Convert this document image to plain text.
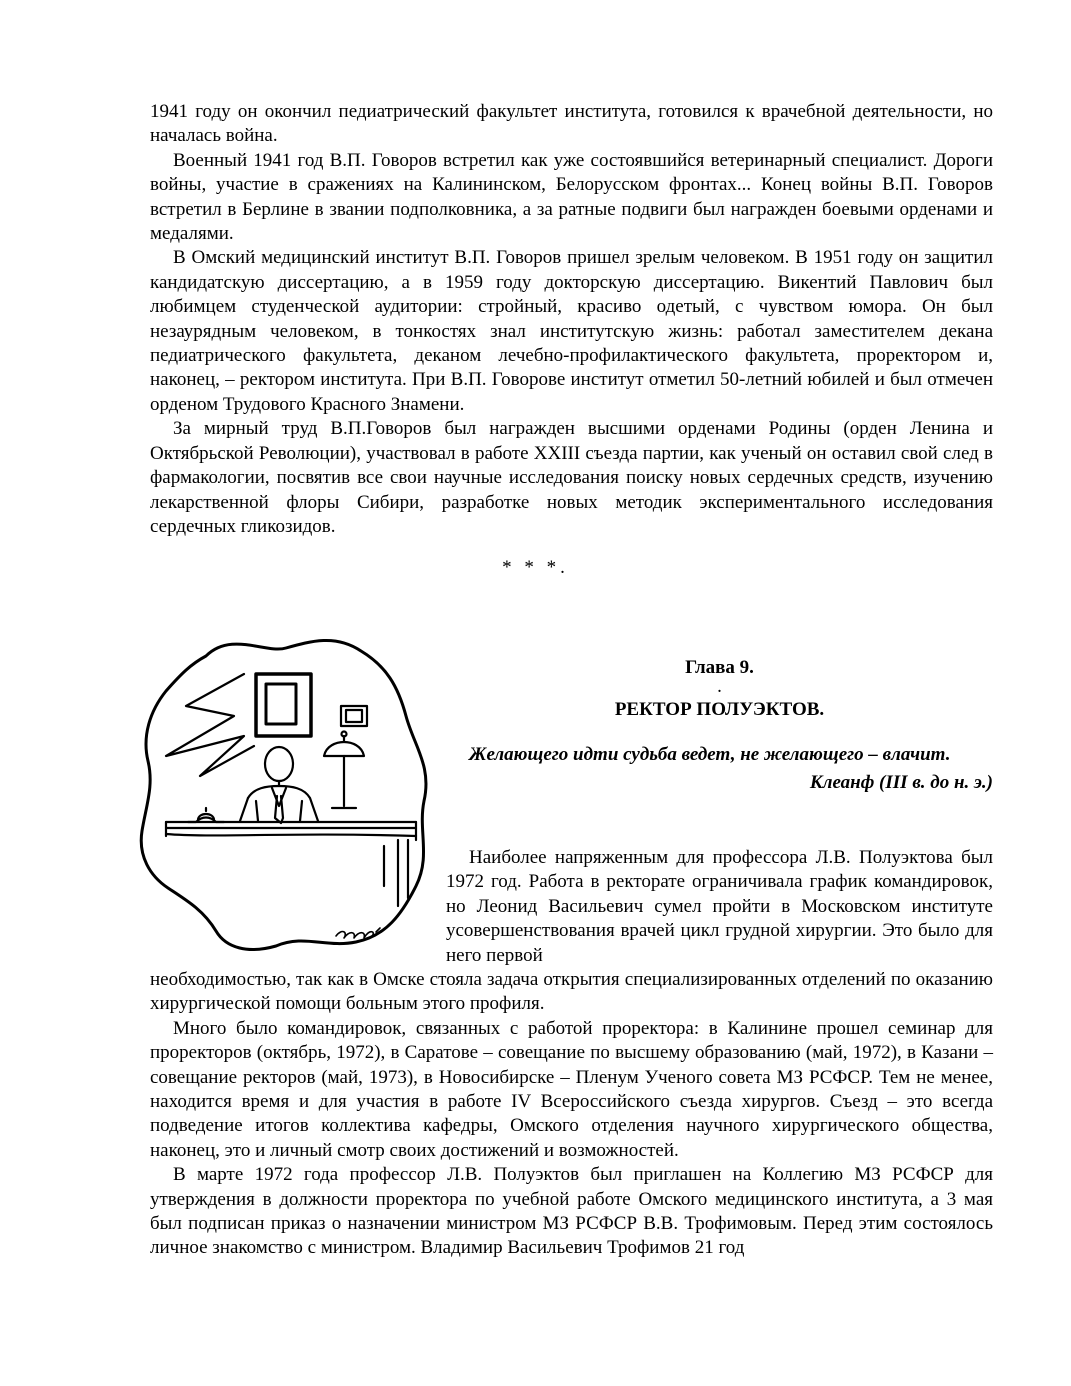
1941 году он окончил педиатрический факультет института, готовился к врачебной деятельности, но началась война.

Военный 1941 год В.П. Говоров встретил как уже состоявшийся ветеринарный специалист. Дороги войны, участие в сражениях на Калининском, Белорусском фронтах... Конец войны В.П. Говоров встретил в Берлине в звании подполковника, а за ратные подвиги был награжден боевыми орденами и медалями.

В Омский медицинский институт В.П. Говоров пришел зрелым человеком. В 1951 году он защитил кандидатскую диссертацию, а в 1959 году докторскую диссертацию. Викентий Павлович был любимцем студенческой аудитории: стройный, красиво одетый, с чувством юмора. Он был незаурядным человеком, в тонкостях знал институтскую жизнь: работал заместителем декана педиатрического факультета, деканом лечебно-профилактического факультета, проректором и, наконец, – ректором института. При В.П. Говорове институт отметил 50-летний юбилей и был отмечен орденом Трудового Красного Знамени.

За мирный труд В.П.Говоров был награжден высшими орденами Родины (орден Ленина и Октябрьской Революции), участвовал в работе XXIII съезда партии, как ученый он оставил свой след в фармакологии, посвятив все свои научные исследования поиску новых сердечных средств, изучению лекарственной флоры Сибири, разработке новых методик экспериментального исследования сердечных гликозидов.

* * *.
2003

Глава 9.

.

РЕКТОР ПОЛУЭКТОВ.

Желающего идти судьба ведет, не желающего – влачит.

Клеанф (III в. до н. э.)

Наиболее напряженным для профессора Л.В. Полуэктова был 1972 год. Работа в ректорате ограничивала график командировок, но Леонид Васильевич сумел пройти в Московском институте усовершенствования врачей цикл грудной хирургии. Это было для него первой

необходимостью, так как в Омске стояла задача открытия специализированных отделений по оказанию хирургической помощи больным этого профиля.

Много было командировок, связанных с работой проректора: в Калинине прошел семинар для проректоров (октябрь, 1972), в Саратове – совещание по высшему образованию (май, 1972), в Казани – совещание ректоров (май, 1973), в Новосибирске – Пленум Ученого совета МЗ РСФСР. Тем не менее, находится время и для участия в работе IV Всероссийского съезда хирургов. Съезд – это всегда подведение итогов коллектива кафедры, Омского отделения научного хирургического общества, наконец, это и личный смотр своих достижений и возможностей.

В марте 1972 года профессор Л.В. Полуэктов был приглашен на Коллегию МЗ РСФСР для утверждения в должности проректора по учебной работе Омского медицинского института, а 3 мая был подписан приказ о назначении министром МЗ РСФСР В.В. Трофимовым. Перед этим состоялось личное знакомство с министром. Владимир Васильевич Трофимов 21 год
